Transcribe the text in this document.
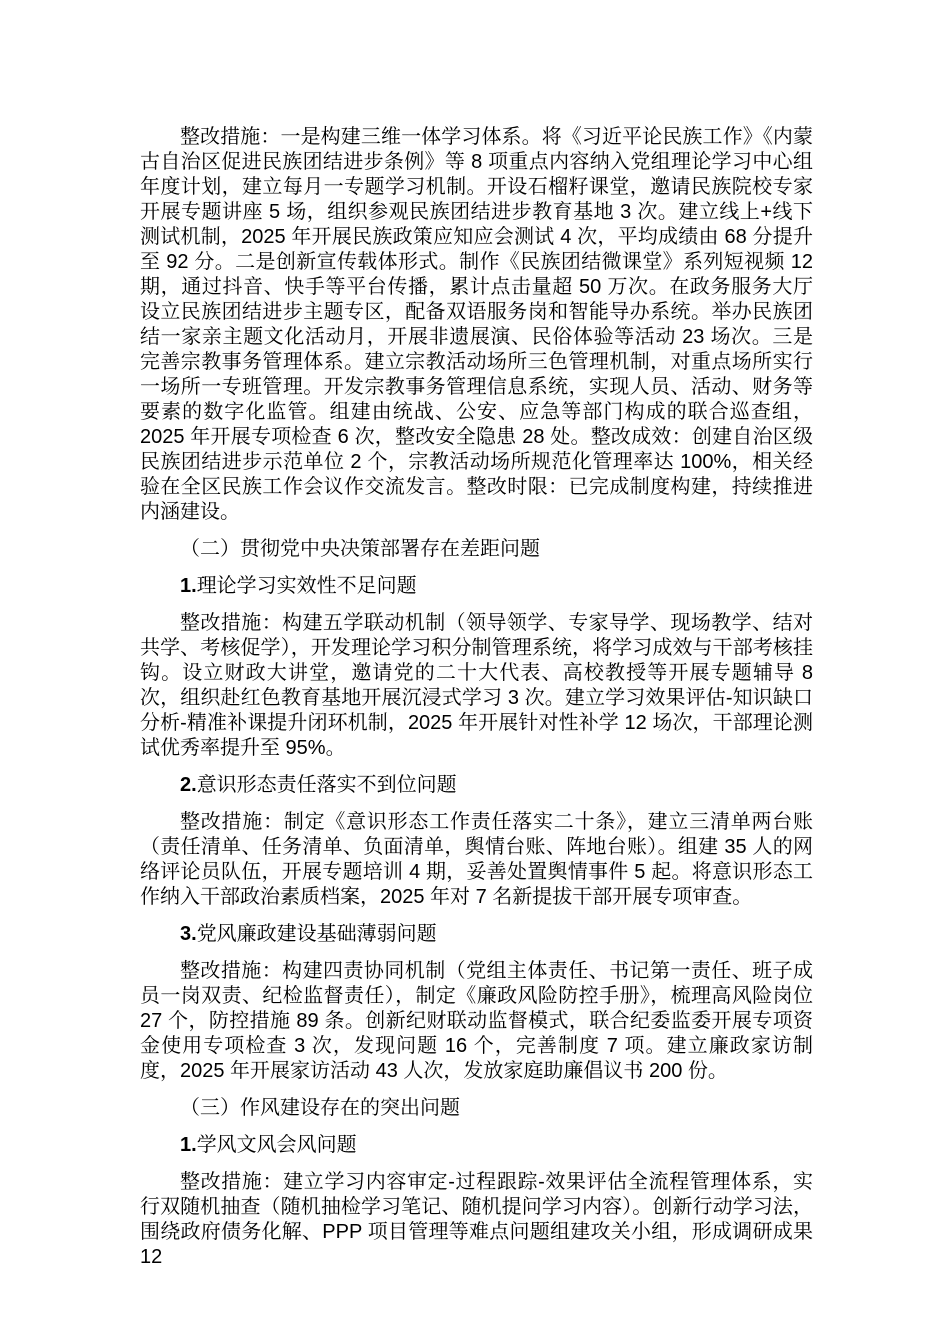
整改措施：一是构建三维一体学习体系。将《习近平论民族工作》《内蒙古自治区促进民族团结进步条例》等 8 项重点内容纳入党组理论学习中心组年度计划，建立每月一专题学习机制。开设石榴籽课堂，邀请民族院校专家开展专题讲座 5 场，组织参观民族团结进步教育基地 3 次。建立线上+线下测试机制，2025 年开展民族政策应知应会测试 4 次，平均成绩由 68 分提升至 92 分。二是创新宣传载体形式。制作《民族团结微课堂》系列短视频 12 期，通过抖音、快手等平台传播，累计点击量超 50 万次。在政务服务大厅设立民族团结进步主题专区，配备双语服务岗和智能导办系统。举办民族团结一家亲主题文化活动月，开展非遗展演、民俗体验等活动 23 场次。三是完善宗教事务管理体系。建立宗教活动场所三色管理机制，对重点场所实行一场所一专班管理。开发宗教事务管理信息系统，实现人员、活动、财务等要素的数字化监管。组建由统战、公安、应急等部门构成的联合巡查组，2025 年开展专项检查 6 次，整改安全隐患 28 处。整改成效：创建自治区级民族团结进步示范单位 2 个，宗教活动场所规范化管理率达 100%，相关经验在全区民族工作会议作交流发言。整改时限：已完成制度构建，持续推进内涵建设。

（二）贯彻党中央决策部署存在差距问题

1.理论学习实效性不足问题

整改措施：构建五学联动机制（领导领学、专家导学、现场教学、结对共学、考核促学），开发理论学习积分制管理系统，将学习成效与干部考核挂钩。设立财政大讲堂，邀请党的二十大代表、高校教授等开展专题辅导 8 次，组织赴红色教育基地开展沉浸式学习 3 次。建立学习效果评估-知识缺口分析-精准补课提升闭环机制，2025 年开展针对性补学 12 场次，干部理论测试优秀率提升至 95%。

2.意识形态责任落实不到位问题

整改措施：制定《意识形态工作责任落实二十条》，建立三清单两台账（责任清单、任务清单、负面清单，舆情台账、阵地台账）。组建 35 人的网络评论员队伍，开展专题培训 4 期，妥善处置舆情事件 5 起。将意识形态工作纳入干部政治素质档案，2025 年对 7 名新提拔干部开展专项审查。

3.党风廉政建设基础薄弱问题

整改措施：构建四责协同机制（党组主体责任、书记第一责任、班子成员一岗双责、纪检监督责任），制定《廉政风险防控手册》，梳理高风险岗位 27 个，防控措施 89 条。创新纪财联动监督模式，联合纪委监委开展专项资金使用专项检查 3 次，发现问题 16 个，完善制度 7 项。建立廉政家访制度，2025 年开展家访活动 43 人次，发放家庭助廉倡议书 200 份。

（三）作风建设存在的突出问题

1.学风文风会风问题

整改措施：建立学习内容审定-过程跟踪-效果评估全流程管理体系，实行双随机抽查（随机抽检学习笔记、随机提问学习内容）。创新行动学习法，围绕政府债务化解、PPP 项目管理等难点问题组建攻关小组，形成调研成果 12
